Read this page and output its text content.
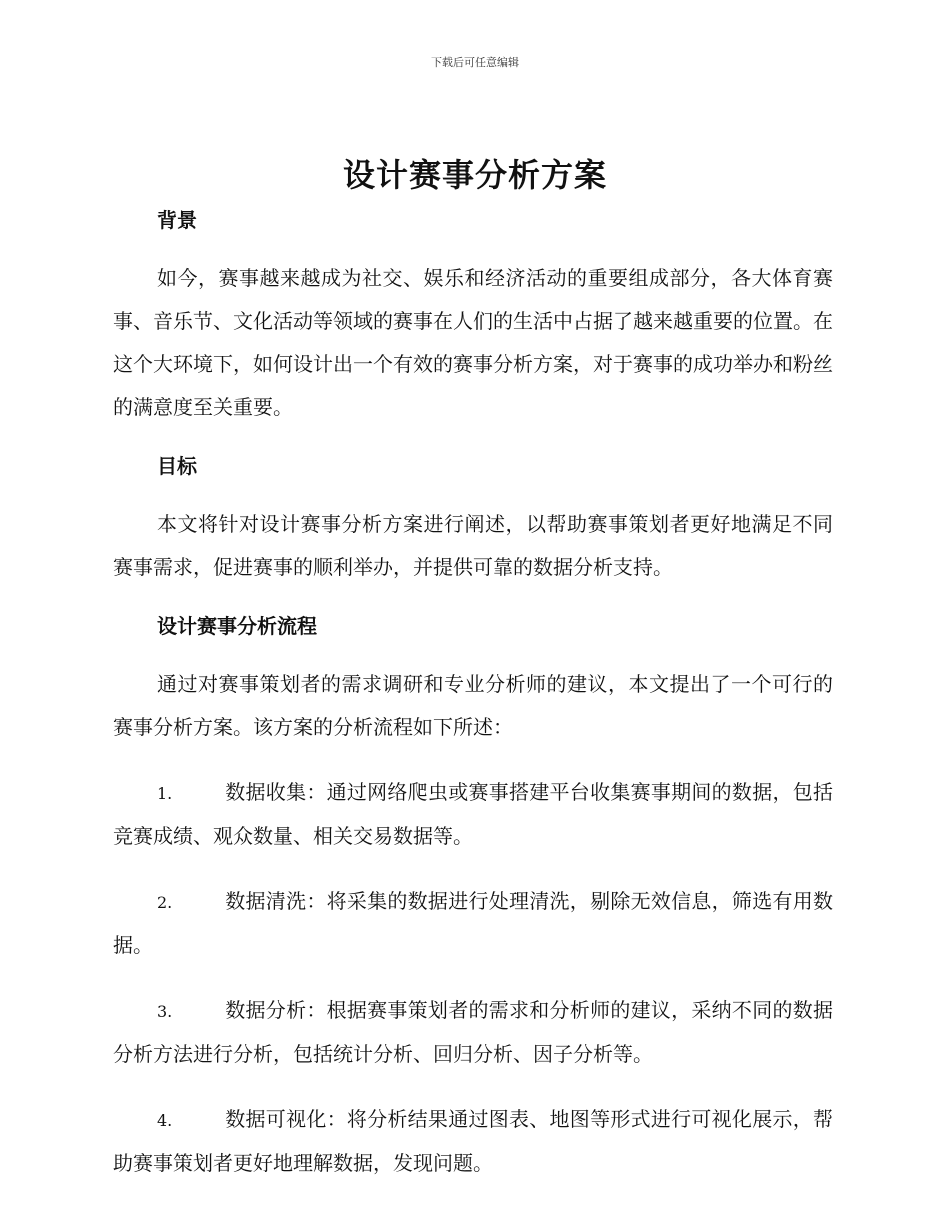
下载后可任意编辑
设计赛事分析方案
背景

如今，赛事越来越成为社交、娱乐和经济活动的重要组成部分，各大体育赛事、音乐节、文化活动等领域的赛事在人们的生活中占据了越来越重要的位置。在这个大环境下，如何设计出一个有效的赛事分析方案，对于赛事的成功举办和粉丝的满意度至关重要。

目标

本文将针对设计赛事分析方案进行阐述，以帮助赛事策划者更好地满足不同赛事需求，促进赛事的顺利举办，并提供可靠的数据分析支持。

设计赛事分析流程

通过对赛事策划者的需求调研和专业分析师的建议，本文提出了一个可行的赛事分析方案。该方案的分析流程如下所述：

1.	数据收集：通过网络爬虫或赛事搭建平台收集赛事期间的数据，包括竞赛成绩、观众数量、相关交易数据等。

2.	数据清洗：将采集的数据进行处理清洗，剔除无效信息，筛选有用数据。

3.	数据分析：根据赛事策划者的需求和分析师的建议，采纳不同的数据分析方法进行分析，包括统计分析、回归分析、因子分析等。

4.	数据可视化：将分析结果通过图表、地图等形式进行可视化展示，帮助赛事策划者更好地理解数据，发现问题。
